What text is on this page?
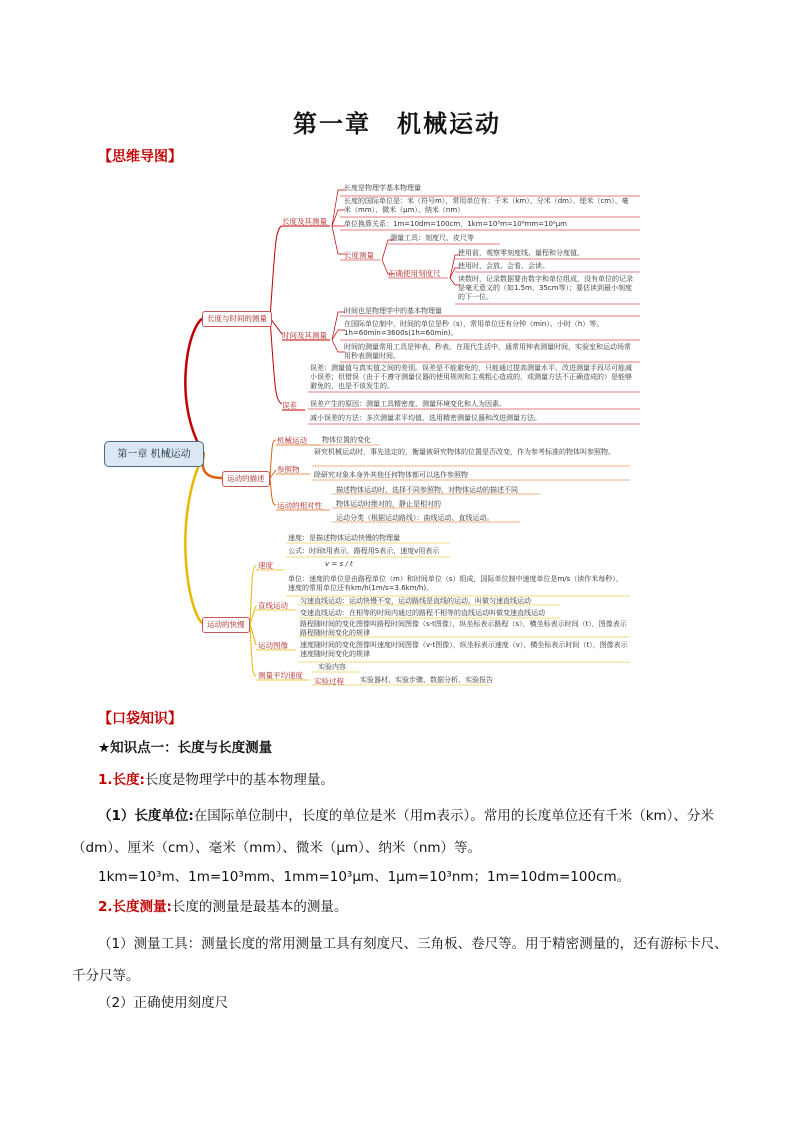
第一章　机械运动
【思维导图】
第一章 机械运动
长度与时间的测量
运动的描述
运动的快慢
长度及其测量
时间及其测量
误差
长度测量
正确使用刻度尺
机械运动
参照物
运动的相对性
速度
直线运动
运动图像
测量平均速度
实验过程
长度是物理学基本物理量
长度的国际单位是：米（符号m），常用单位有：千米（km）、分米（dm）、厘米（cm）、毫米（mm）、微米（μm）、纳米（nm）
单位换算关系：1m=10dm=100cm，1km=10³m=10⁶mm=10⁹μm
测量工具：刻度尺、皮尺等
使用前，观察零刻度线、量程和分度值。
使用时，会放、会看、会读。
读数时，记录数据要由数字和单位组成，没有单位的记录是毫无意义的（如1.5m、35cm等）；要估读到最小刻度的下一位。
时间也是物理学中的基本物理量
在国际单位制中，时间的单位是秒（s），常用单位还有分钟（min）、小时（h）等。1h=60min=3600s(1h=60min)。
时间的测量常用工具是钟表、秒表。在现代生活中，通常用钟表测量时间，实验室和运动场常用秒表测量时间。
误差：测量值与真实值之间的差别。误差是不能避免的，只能通过提高测量水平、改进测量手段尽可能减小误差；但错误（由于不遵守测量仪器的使用规则和主观粗心造成的，或测量方法不正确造成的）是能够避免的，也是不该发生的。
误差产生的原因：测量工具精密度、测量环境变化和人为因素。
减小误差的方法：多次测量求平均值、选用精密测量仪器和改进测量方法。
物体位置的变化
研究机械运动时，事先选定的，衡量被研究物体的位置是否改变，作为参考标准的物体叫参照物。
除研究对象本身外其他任何物体都可以选作参照物
描述物体运动时，选择不同参照物，对物体运动的描述不同
物体运动时绝对的，静止是相对的
运动分类（根据运动路线）：曲线运动、直线运动。
速度：是描述物体运动快慢的物理量
公式：时间t用表示，路程用S表示，速度v用表示
v = s / t
单位：速度的单位是由路程单位（m）和时间单位（s）组成，国际单位制中速度单位是m/s（读作米每秒），速度的常用单位还有km/h(1m/s=3.6km/h)。
匀速直线运动：运动快慢不变，运动路线是直线的运动，叫做匀速直线运动
变速直线运动：在相等的时间内通过的路程不相等的直线运动叫做变速直线运动
路程随时间的变化图像叫路程时间图像（s-t图像），纵坐标表示路程（s），横坐标表示时间（t），图像表示路程随时间变化的规律
速度随时间的变化图像叫速度时间图像（v-t图像），纵坐标表示速度（v），横坐标表示时间（t），图像表示速度随时间变化的规律
实验内容
实验器材、实验步骤、数据分析、实验报告
【口袋知识】
★知识点一：长度与长度测量
1.长度:长度是物理学中的基本物理量。
（1）长度单位:在国际单位制中，长度的单位是米（用m表示）。常用的长度单位还有千米（km）、分米（dm）、厘米（cm）、毫米（mm）、微米（μm）、纳米（nm）等。
1km=10³m、1m=10³mm、1mm=10³μm、1μm=10³nm；1m=10dm=100cm。
2.长度测量:长度的测量是最基本的测量。
（1）测量工具：测量长度的常用测量工具有刻度尺、三角板、卷尺等。用于精密测量的，还有游标卡尺、千分尺等。
（2）正确使用刻度尺
